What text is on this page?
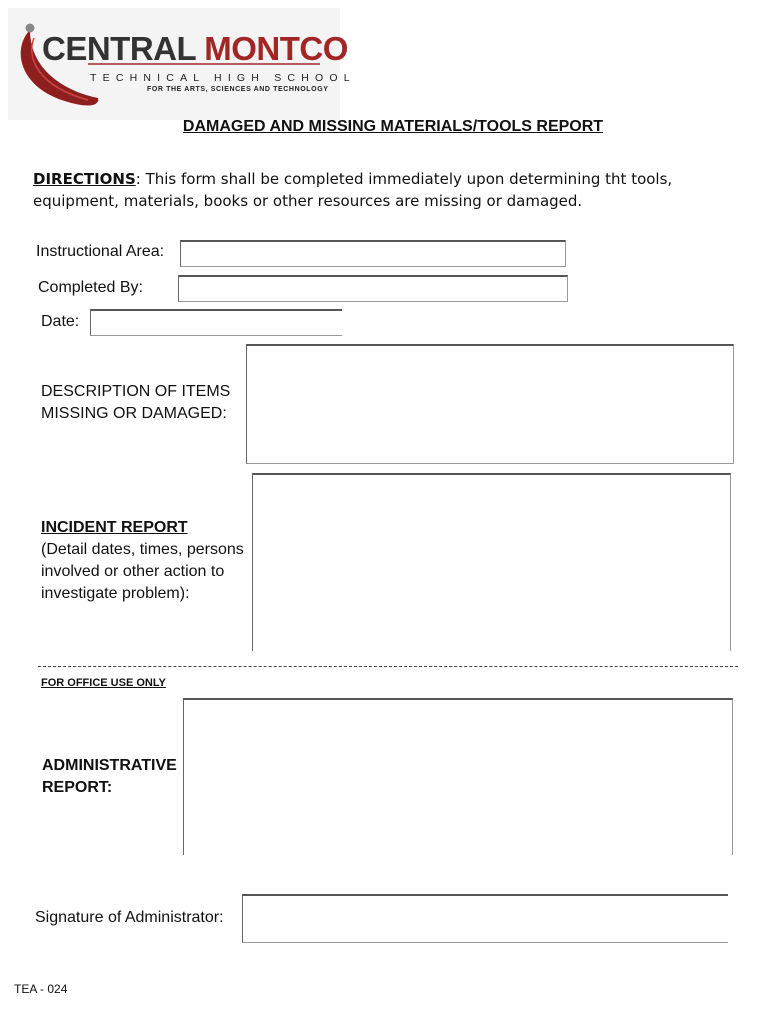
CENTRAL MONTCO
TECHNICAL HIGH SCHOOL
FOR THE ARTS, SCIENCES AND TECHNOLOGY
DAMAGED AND MISSING MATERIALS/TOOLS REPORT
DIRECTIONS: This form shall be completed immediately upon determining tht tools, equipment, materials, books or other resources are missing or damaged.
Instructional Area:
Completed By:
Date:
DESCRIPTION OF ITEMS
MISSING OR DAMAGED:
INCIDENT REPORT
(Detail dates, times, persons
involved or other action to
investigate problem):
FOR OFFICE USE ONLY
ADMINISTRATIVE
REPORT:
Signature of Administrator:
TEA - 024
